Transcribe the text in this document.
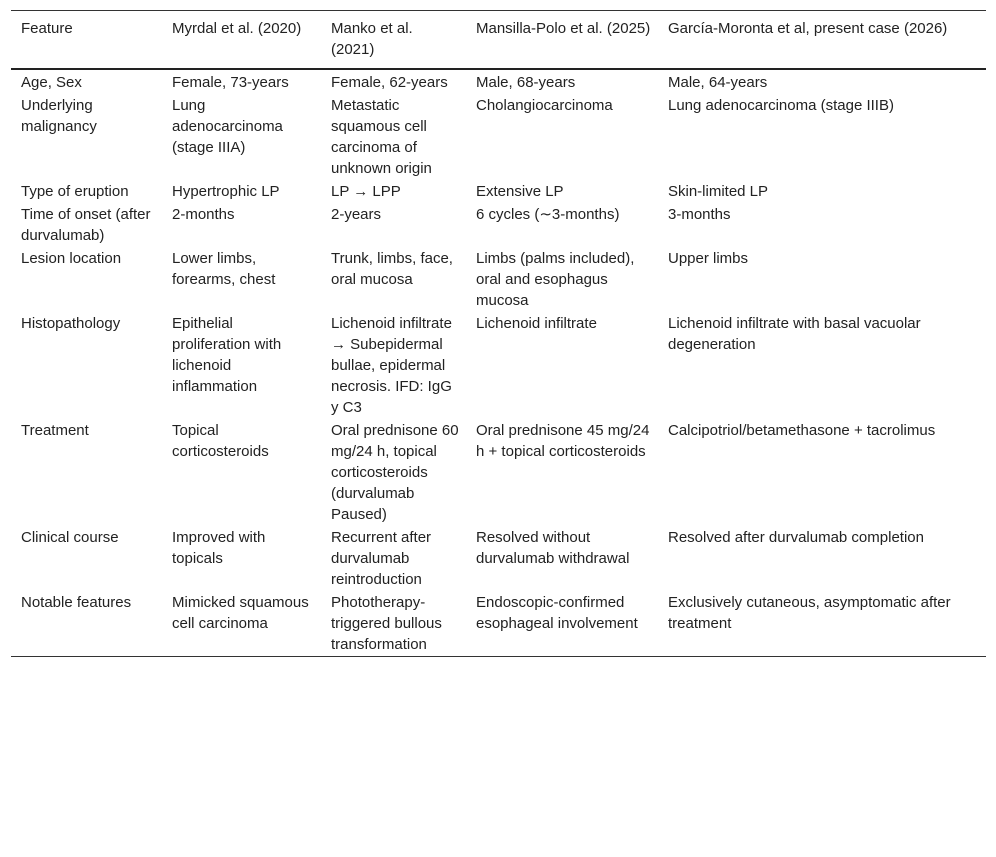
Feature	Myrdal et al. (2020)	Manko et al. (2021)	Mansilla-Polo et al. (2025)	García-Moronta et al, present case (2026)
Age, Sex	Female, 73-years	Female, 62-years	Male, 68-years	Male, 64-years
Underlying malignancy	Lung adenocarcinoma (stage IIIA)	Metastatic squamous cell carcinoma of unknown origin	Cholangiocarcinoma	Lung adenocarcinoma (stage IIIB)
Type of eruption	Hypertrophic LP	LP → LPP	Extensive LP	Skin-limited LP
Time of onset (after durvalumab)	2-months	2-years	6 cycles (∼3-months)	3-months
Lesion location	Lower limbs, forearms, chest	Trunk, limbs, face, oral mucosa	Limbs (palms included), oral and esophagus mucosa	Upper limbs
Histopathology	Epithelial proliferation with lichenoid inflammation	Lichenoid infiltrate → Subepidermal bullae, epidermal necrosis. IFD: IgG y C3	Lichenoid infiltrate	Lichenoid infiltrate with basal vacuolar degeneration
Treatment	Topical corticosteroids	Oral prednisone 60 mg/24 h, topical corticosteroids (durvalumab Paused)	Oral prednisone 45 mg/24 h + topical corticosteroids	Calcipotriol/betamethasone + tacrolimus
Clinical course	Improved with topicals	Recurrent after durvalumab reintroduction	Resolved without durvalumab withdrawal	Resolved after durvalumab completion
Notable features	Mimicked squamous cell carcinoma	Phototherapy-triggered bullous transformation	Endoscopic-confirmed esophageal involvement	Exclusively cutaneous, asymptomatic after treatment
